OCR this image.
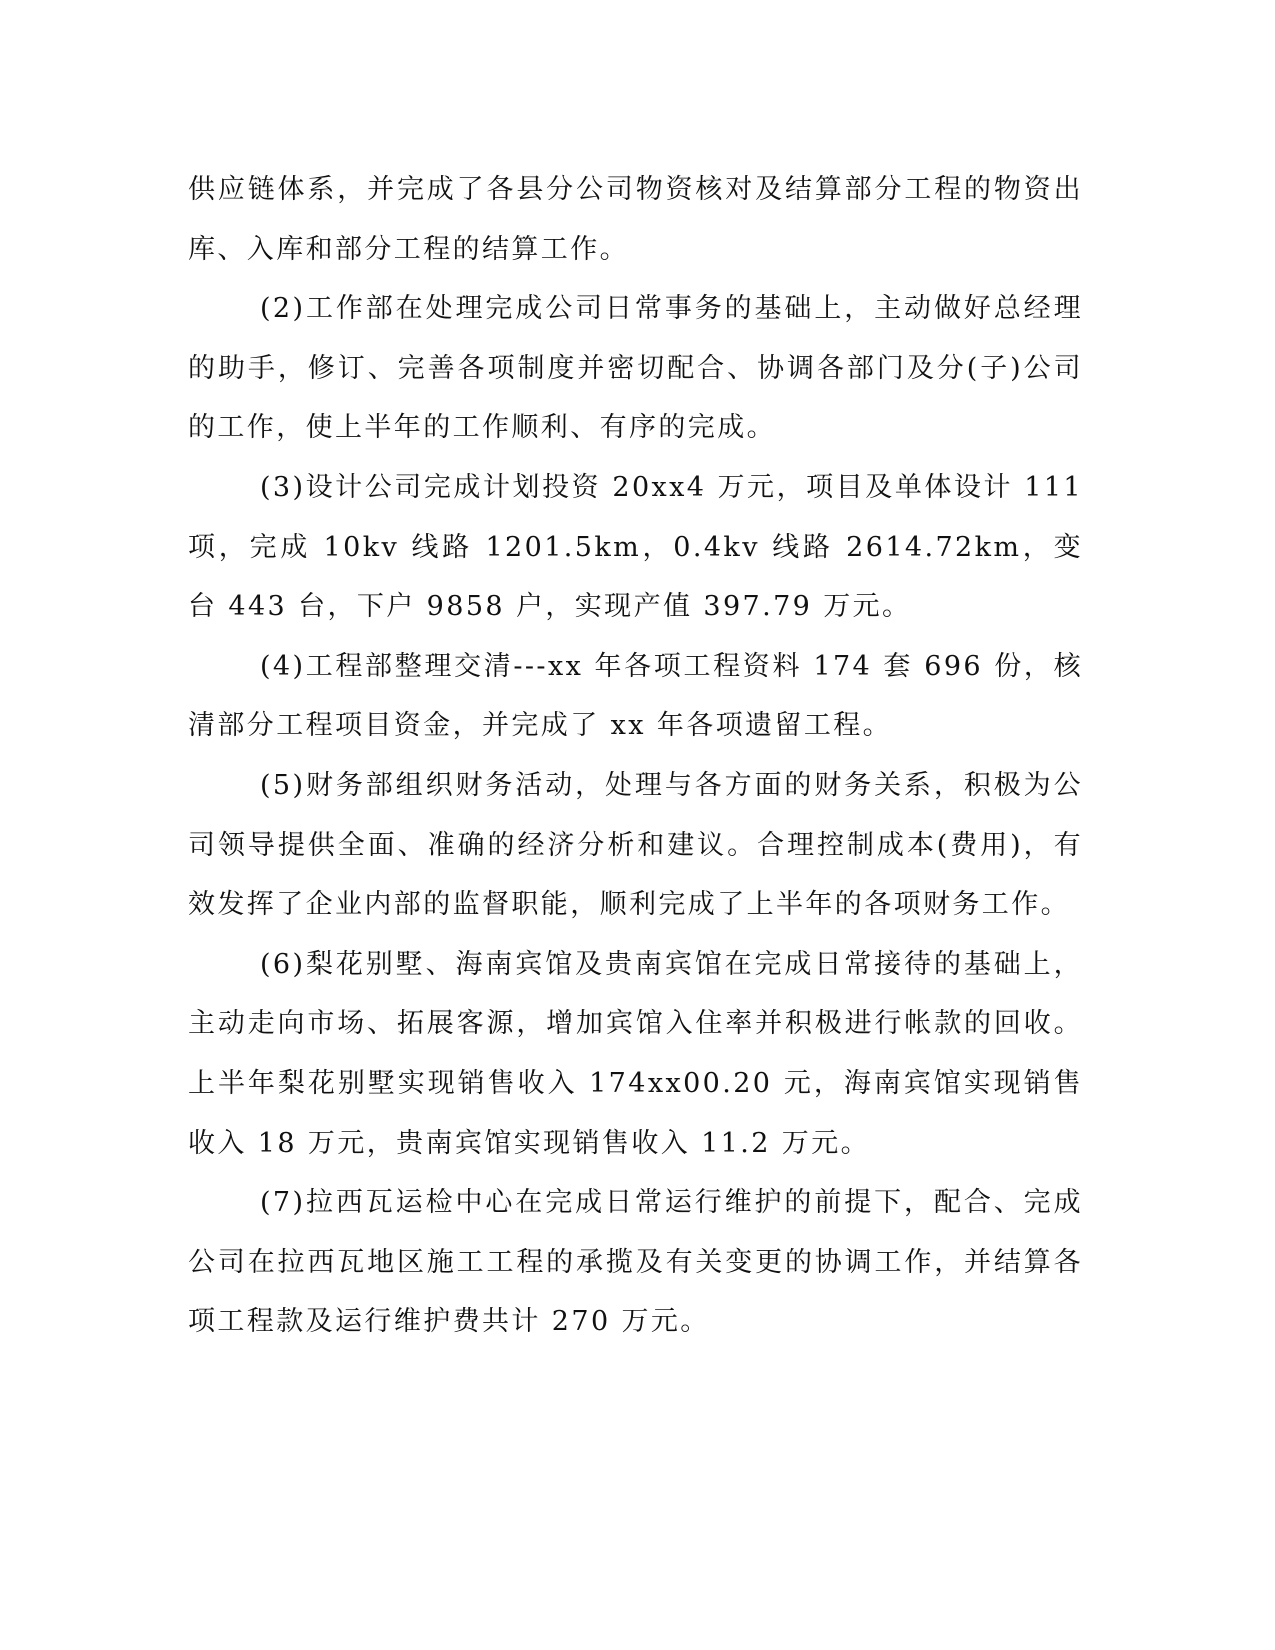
供应链体系，并完成了各县分公司物资核对及结算部分工程的物资出库、入库和部分工程的结算工作。

(2)工作部在处理完成公司日常事务的基础上，主动做好总经理的助手，修订、完善各项制度并密切配合、协调各部门及分(子)公司的工作，使上半年的工作顺利、有序的完成。

(3)设计公司完成计划投资 20xx4 万元，项目及单体设计 111 项，完成 10kv 线路 1201.5km，0.4kv 线路 2614.72km，变台 443 台，下户 9858 户，实现产值 397.79 万元。

(4)工程部整理交清---xx 年各项工程资料 174 套 696 份，核清部分工程项目资金，并完成了 xx 年各项遗留工程。

(5)财务部组织财务活动，处理与各方面的财务关系，积极为公司领导提供全面、准确的经济分析和建议。合理控制成本(费用)，有效发挥了企业内部的监督职能，顺利完成了上半年的各项财务工作。

(6)梨花别墅、海南宾馆及贵南宾馆在完成日常接待的基础上，主动走向市场、拓展客源，增加宾馆入住率并积极进行帐款的回收。上半年梨花别墅实现销售收入 174xx00.20 元，海南宾馆实现销售收入 18 万元，贵南宾馆实现销售收入 11.2 万元。

(7)拉西瓦运检中心在完成日常运行维护的前提下，配合、完成公司在拉西瓦地区施工工程的承揽及有关变更的协调工作，并结算各项工程款及运行维护费共计 270 万元。
